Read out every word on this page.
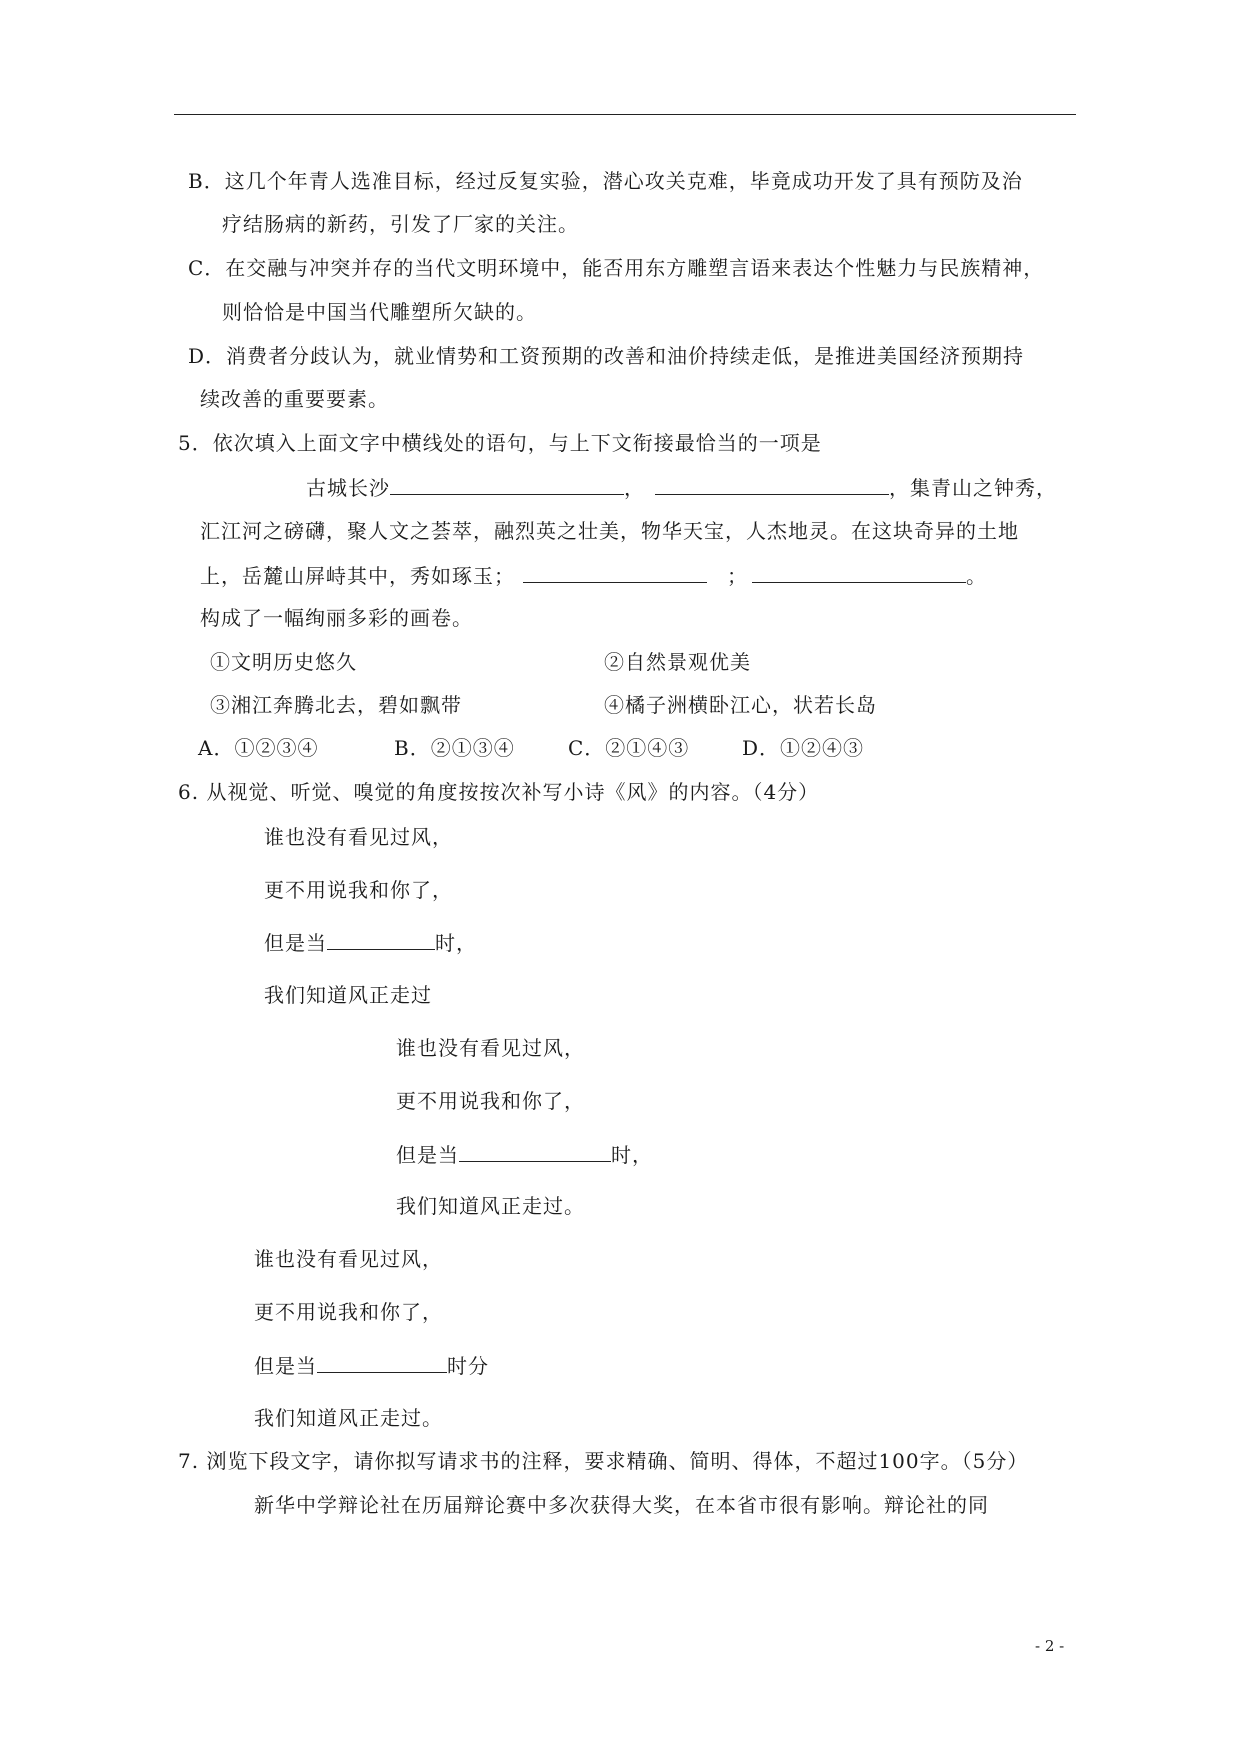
B．这几个年青人选准目标，经过反复实验，潜心攻关克难，毕竟成功开发了具有预防及治
疗结肠病的新药，引发了厂家的关注。
C．在交融与冲突并存的当代文明环境中，能否用东方雕塑言语来表达个性魅力与民族精神，
则恰恰是中国当代雕塑所欠缺的。
D．消费者分歧认为，就业情势和工资预期的改善和油价持续走低，是推进美国经济预期持
续改善的重要要素。
5．依次填入上面文字中横线处的语句，与上下文衔接最恰当的一项是
古城长沙	，	，集青山之钟秀，
汇江河之磅礴，聚人文之荟萃，融烈英之壮美，物华天宝，人杰地灵。在这块奇异的土地
上，岳麓山屏峙其中，秀如琢玉；	；	。
构成了一幅绚丽多彩的画卷。
①文明历史悠久	②自然景观优美
③湘江奔腾北去，碧如飘带	④橘子洲横卧江心，状若长岛
A．①②③④	B．②①③④	C．②①④③	D．①②④③
6. 从视觉、听觉、嗅觉的角度按按次补写小诗《风》的内容。（4分）
谁也没有看见过风，
更不用说我和你了，
但是当	时，
我们知道风正走过
谁也没有看见过风，
更不用说我和你了，
但是当	时，
我们知道风正走过。
谁也没有看见过风，
更不用说我和你了，
但是当	时分
我们知道风正走过。
7. 浏览下段文字，请你拟写请求书的注释，要求精确、简明、得体，不超过100字。（5分）
新华中学辩论社在历届辩论赛中多次获得大奖，在本省市很有影响。辩论社的同
- 2 -
